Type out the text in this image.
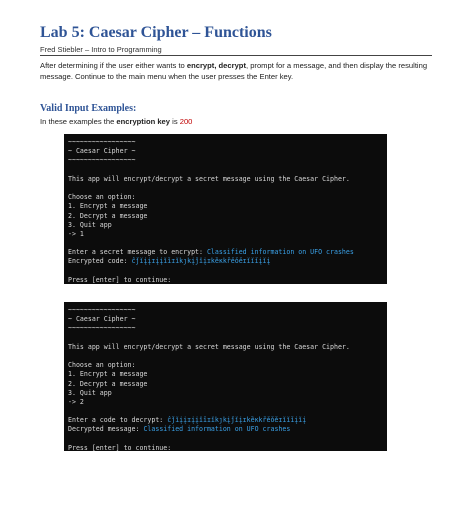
Lab 5: Caesar Cipher – Functions
Fred Stiebler – Intro to Programming
After determining if the user either wants to encrypt, decrypt, prompt for a message, and then display the resulting message. Continue to the main menu when the user presses the Enter key.
Valid Input Examples:
In these examples the encryption key is 200
~~~~~~~~~~~~~~~~~
~ Caesar Cipher ~
~~~~~~~~~~~~~~~~~
This app will encrypt/decrypt a secret message using the Caesar Cipher.
Choose an option:
1. Encrypt a message
2. Decrypt a message
3. Quit app
-> 1
Enter a secret message to encrypt: Classified information on UFO crashes
Encrypted code: ĉǰĭįįɪįįĭǐɪĭkȷkįǰĭįɪkȅĸkȑěǒěɪĭĭǐįĭį
Press [enter] to continue:
~~~~~~~~~~~~~~~~~
~ Caesar Cipher ~
~~~~~~~~~~~~~~~~~
This app will encrypt/decrypt a secret message using the Caesar Cipher.
Choose an option:
1. Encrypt a message
2. Decrypt a message
3. Quit app
-> 2
Enter a code to decrypt: ĉǰĭįįɪįįĭǐɪĭkȷkįǰĭįɪkȅĸkȑěǒěɪĭĭǐįĭį
Decrypted message: Classified information on UFO crashes
Press [enter] to continue:
